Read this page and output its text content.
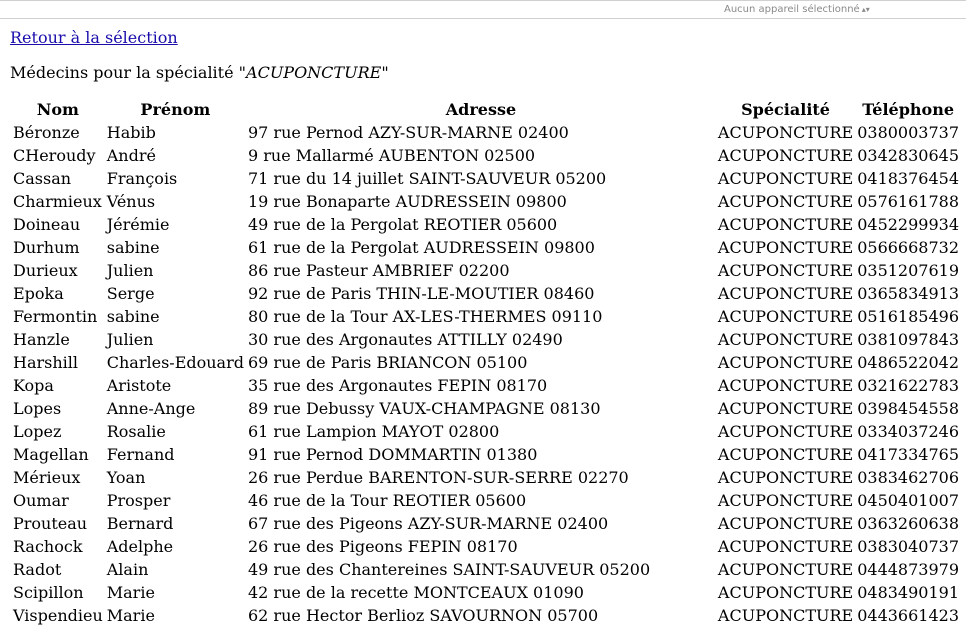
Aucun appareil sélectionné ▴▾
Retour à la sélection
Médecins pour la spécialité "ACUPONCTURE"
Nom	Prénom	Adresse	Spécialité	Téléphone
Béronze	Habib	97 rue Pernod AZY-SUR-MARNE 02400	ACUPONCTURE	0380003737
CHeroudy	André	9 rue Mallarmé AUBENTON 02500	ACUPONCTURE	0342830645
Cassan	François	71 rue du 14 juillet SAINT-SAUVEUR 05200	ACUPONCTURE	0418376454
Charmieux	Vénus	19 rue Bonaparte AUDRESSEIN 09800	ACUPONCTURE	0576161788
Doineau	Jérémie	49 rue de la Pergolat REOTIER 05600	ACUPONCTURE	0452299934
Durhum	sabine	61 rue de la Pergolat AUDRESSEIN 09800	ACUPONCTURE	0566668732
Durieux	Julien	86 rue Pasteur AMBRIEF 02200	ACUPONCTURE	0351207619
Epoka	Serge	92 rue de Paris THIN-LE-MOUTIER 08460	ACUPONCTURE	0365834913
Fermontin	sabine	80 rue de la Tour AX-LES-THERMES 09110	ACUPONCTURE	0516185496
Hanzle	Julien	30 rue des Argonautes ATTILLY 02490	ACUPONCTURE	0381097843
Harshill	Charles-Edouard	69 rue de Paris BRIANCON 05100	ACUPONCTURE	0486522042
Kopa	Aristote	35 rue des Argonautes FEPIN 08170	ACUPONCTURE	0321622783
Lopes	Anne-Ange	89 rue Debussy VAUX-CHAMPAGNE 08130	ACUPONCTURE	0398454558
Lopez	Rosalie	61 rue Lampion MAYOT 02800	ACUPONCTURE	0334037246
Magellan	Fernand	91 rue Pernod DOMMARTIN 01380	ACUPONCTURE	0417334765
Mérieux	Yoan	26 rue Perdue BARENTON-SUR-SERRE 02270	ACUPONCTURE	0383462706
Oumar	Prosper	46 rue de la Tour REOTIER 05600	ACUPONCTURE	0450401007
Prouteau	Bernard	67 rue des Pigeons AZY-SUR-MARNE 02400	ACUPONCTURE	0363260638
Rachock	Adelphe	26 rue des Pigeons FEPIN 08170	ACUPONCTURE	0383040737
Radot	Alain	49 rue des Chantereines SAINT-SAUVEUR 05200	ACUPONCTURE	0444873979
Scipillon	Marie	42 rue de la recette MONTCEAUX 01090	ACUPONCTURE	0483490191
Vispendieu	Marie	62 rue Hector Berlioz SAVOURNON 05700	ACUPONCTURE	0443661423
